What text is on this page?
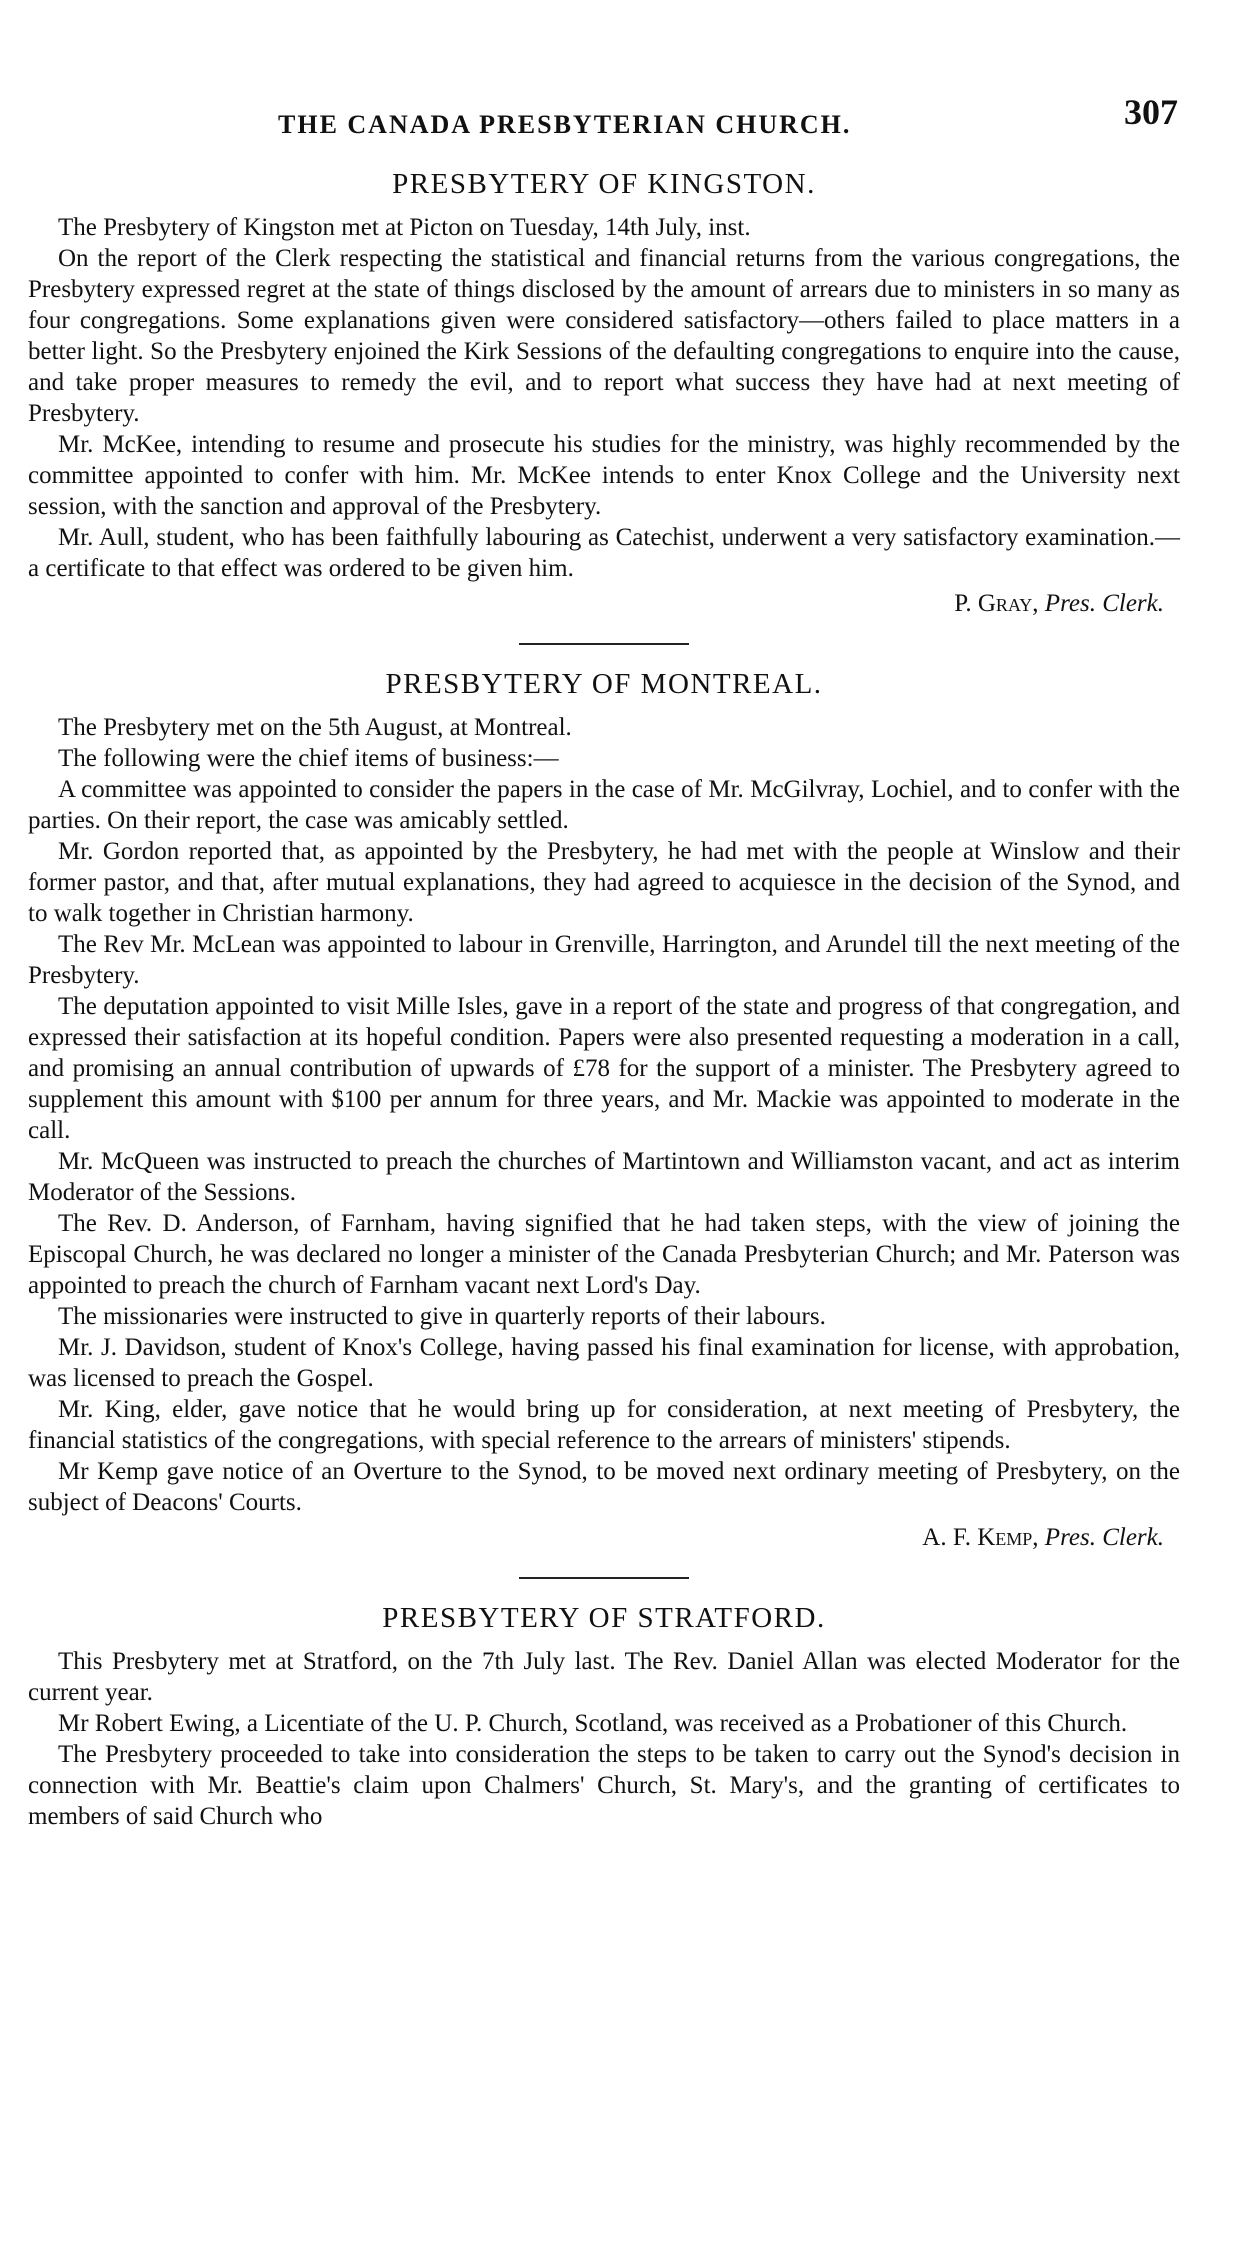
THE CANADA PRESBYTERIAN CHURCH.	307
PRESBYTERY OF KINGSTON.

The Presbytery of Kingston met at Picton on Tuesday, 14th July, inst.

On the report of the Clerk respecting the statistical and financial returns from the various congregations, the Presbytery expressed regret at the state of things disclosed by the amount of arrears due to ministers in so many as four congregations. Some explanations given were considered satisfactory—others failed to place matters in a better light. So the Presbytery enjoined the Kirk Sessions of the defaulting congregations to enquire into the cause, and take proper measures to remedy the evil, and to report what success they have had at next meeting of Presbytery.

Mr. McKee, intending to resume and prosecute his studies for the ministry, was highly recommended by the committee appointed to confer with him. Mr. McKee intends to enter Knox College and the University next session, with the sanction and approval of the Presbytery.

Mr. Aull, student, who has been faithfully labouring as Catechist, underwent a very satisfactory examination.—a certificate to that effect was ordered to be given him.

P. Gray, Pres. Clerk.
PRESBYTERY OF MONTREAL.

The Presbytery met on the 5th August, at Montreal.

The following were the chief items of business:—

A committee was appointed to consider the papers in the case of Mr. McGilvray, Lochiel, and to confer with the parties. On their report, the case was amicably settled.

Mr. Gordon reported that, as appointed by the Presbytery, he had met with the people at Winslow and their former pastor, and that, after mutual explanations, they had agreed to acquiesce in the decision of the Synod, and to walk together in Christian harmony.

The Rev Mr. McLean was appointed to labour in Grenville, Harrington, and Arundel till the next meeting of the Presbytery.

The deputation appointed to visit Mille Isles, gave in a report of the state and progress of that congregation, and expressed their satisfaction at its hopeful condition. Papers were also presented requesting a moderation in a call, and promising an annual contribution of upwards of £78 for the support of a minister. The Presbytery agreed to supplement this amount with $100 per annum for three years, and Mr. Mackie was appointed to moderate in the call.

Mr. McQueen was instructed to preach the churches of Martintown and Williamston vacant, and act as interim Moderator of the Sessions.

The Rev. D. Anderson, of Farnham, having signified that he had taken steps, with the view of joining the Episcopal Church, he was declared no longer a minister of the Canada Presbyterian Church; and Mr. Paterson was appointed to preach the church of Farnham vacant next Lord's Day.

The missionaries were instructed to give in quarterly reports of their labours.

Mr. J. Davidson, student of Knox's College, having passed his final examination for license, with approbation, was licensed to preach the Gospel.

Mr. King, elder, gave notice that he would bring up for consideration, at next meeting of Presbytery, the financial statistics of the congregations, with special reference to the arrears of ministers' stipends.

Mr Kemp gave notice of an Overture to the Synod, to be moved next ordinary meeting of Presbytery, on the subject of Deacons' Courts.

A. F. Kemp, Pres. Clerk.
PRESBYTERY OF STRATFORD.

This Presbytery met at Stratford, on the 7th July last. The Rev. Daniel Allan was elected Moderator for the current year.

Mr Robert Ewing, a Licentiate of the U. P. Church, Scotland, was received as a Probationer of this Church.

The Presbytery proceeded to take into consideration the steps to be taken to carry out the Synod's decision in connection with Mr. Beattie's claim upon Chalmers' Church, St. Mary's, and the granting of certificates to members of said Church who
